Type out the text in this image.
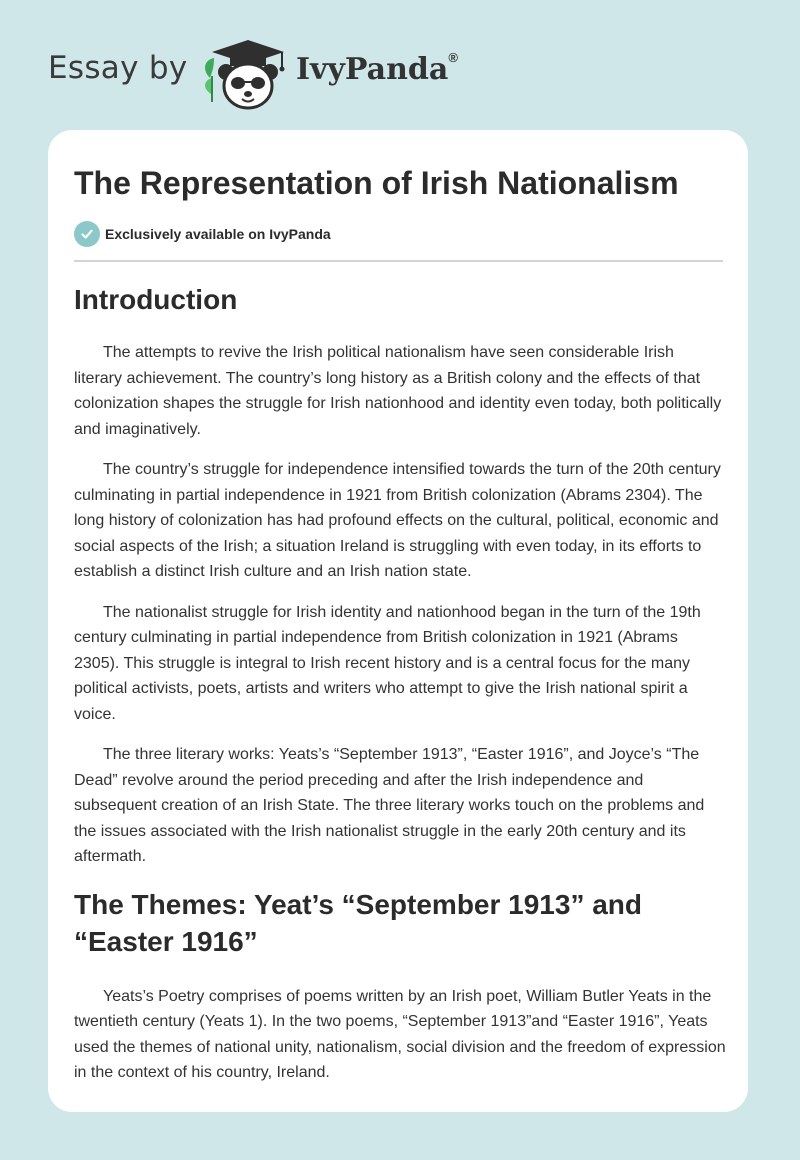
Essay by	IvyPanda®
The Representation of Irish Nationalism
Exclusively available on IvyPanda
Introduction

The attempts to revive the Irish political nationalism have seen considerable Irish literary achievement. The country’s long history as a British colony and the effects of that colonization shapes the struggle for Irish nationhood and identity even today, both politically and imaginatively.

The country’s struggle for independence intensified towards the turn of the 20th century culminating in partial independence in 1921 from British colonization (Abrams 2304). The long history of colonization has had profound effects on the cultural, political, economic and social aspects of the Irish; a situation Ireland is struggling with even today, in its efforts to establish a distinct Irish culture and an Irish nation state.

The nationalist struggle for Irish identity and nationhood began in the turn of the 19th century culminating in partial independence from British colonization in 1921 (Abrams 2305). This struggle is integral to Irish recent history and is a central focus for the many political activists, poets, artists and writers who attempt to give the Irish national spirit a voice.

The three literary works: Yeats’s “September 1913”, “Easter 1916”, and Joyce’s “The Dead” revolve around the period preceding and after the Irish independence and subsequent creation of an Irish State. The three literary works touch on the problems and the issues associated with the Irish nationalist struggle in the early 20th century and its aftermath.

The Themes: Yeat’s “September 1913” and “Easter 1916”

Yeats’s Poetry comprises of poems written by an Irish poet, William Butler Yeats in the twentieth century (Yeats 1). In the two poems, “September 1913”and “Easter 1916”, Yeats used the themes of national unity, nationalism, social division and the freedom of expression in the context of his country, Ireland.
